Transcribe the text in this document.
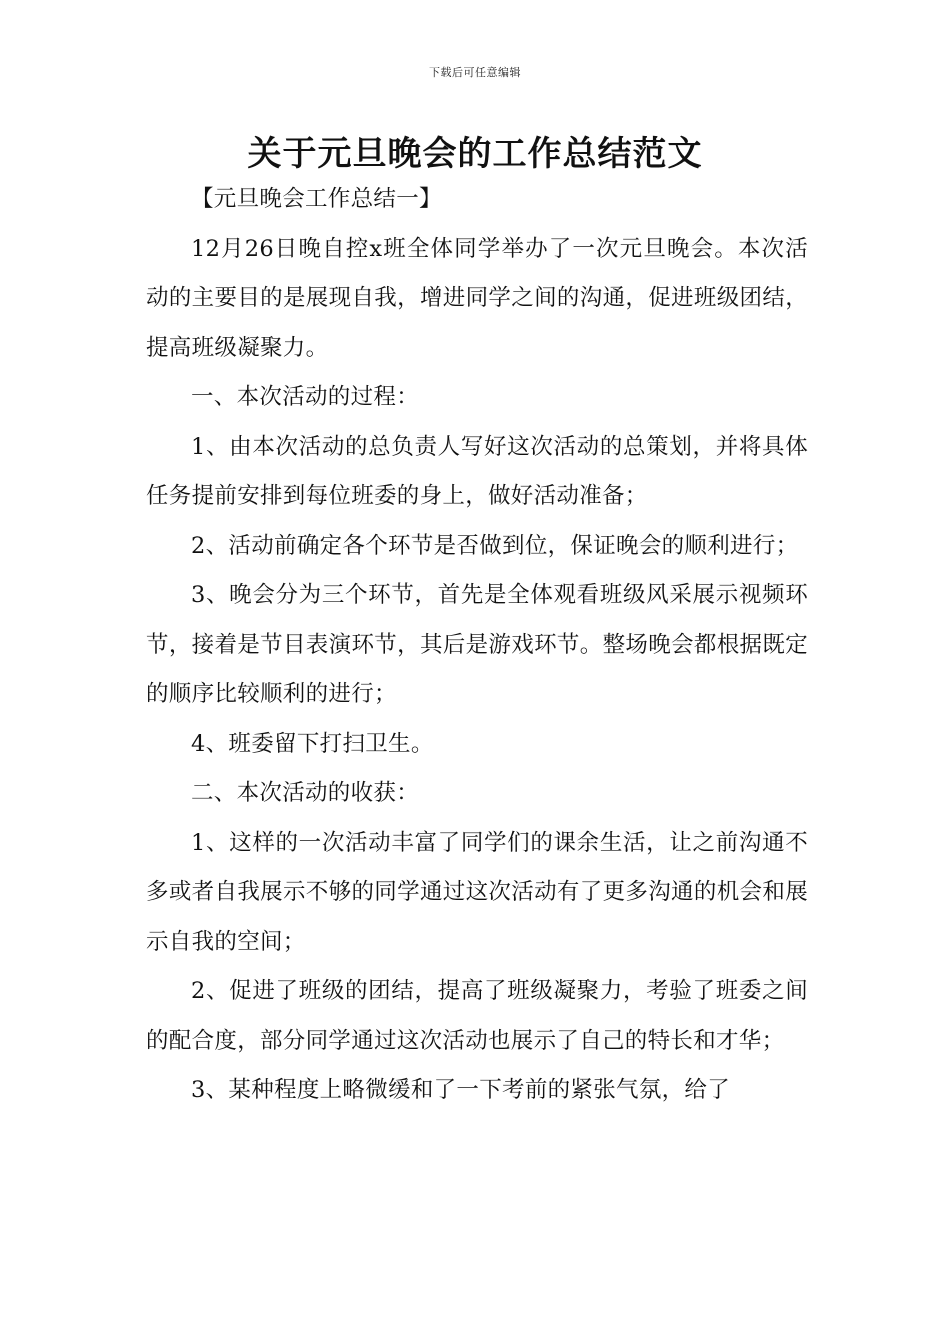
下载后可任意编辑
关于元旦晚会的工作总结范文

【元旦晚会工作总结一】

12月26日晚自控x班全体同学举办了一次元旦晚会。本次活动的主要目的是展现自我，增进同学之间的沟通，促进班级团结，提高班级凝聚力。

一、本次活动的过程：

1、由本次活动的总负责人写好这次活动的总策划，并将具体任务提前安排到每位班委的身上，做好活动准备；

2、活动前确定各个环节是否做到位，保证晚会的顺利进行；

3、晚会分为三个环节，首先是全体观看班级风采展示视频环节，接着是节目表演环节，其后是游戏环节。整场晚会都根据既定的顺序比较顺利的进行；

4、班委留下打扫卫生。

二、本次活动的收获：

1、这样的一次活动丰富了同学们的课余生活，让之前沟通不多或者自我展示不够的同学通过这次活动有了更多沟通的机会和展示自我的空间；

2、促进了班级的团结，提高了班级凝聚力，考验了班委之间的配合度，部分同学通过这次活动也展示了自己的特长和才华；

3、某种程度上略微缓和了一下考前的紧张气氛，给了
